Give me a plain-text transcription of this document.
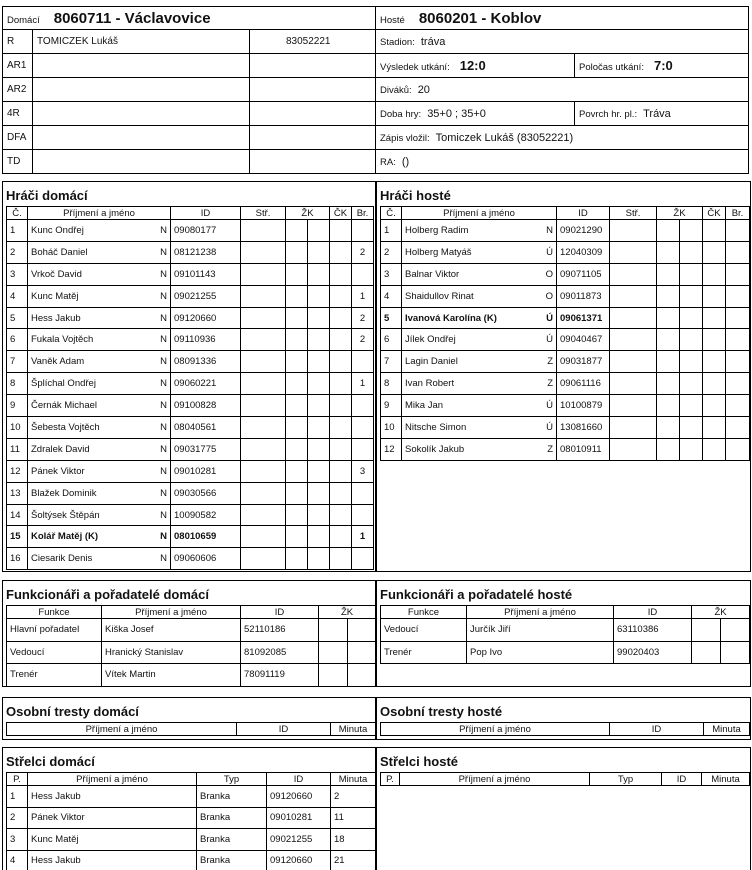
Domácí 8060711 - Václavovice			Hosté 8060201 - Koblov	
R	TOMICZEK Lukáš	83052221	Stadion: tráva	
AR1			Výsledek utkání: 12:0	Poločas utkání: 7:0
AR2			Diváků: 20	
4R			Doba hry: 35+0 ; 35+0	Povrch hr. pl.: Tráva
DFA			Zápis vložil: Tomiczek Lukáš (83052221)	
TD			RA: ()	
Hráči domácí
Č.	Příjmení a jméno	ID	Stř.	ŽK	ČK	Br.
1	Kunc Ondřej N	09080177		

2	Boháč Daniel N	08121238				2
3	Vrkoč David N	09101143		

4	Kunc Matěj N	09021255				1
5	Hess Jakub N	09120660				2
6	Fukala Vojtěch N	09110936				2
7	Vaněk Adam N	08091336		

8	Šplíchal Ondřej N	09060221				1
9	Černák Michael N	09100828		

10	Šebesta Vojtěch N	08040561		

11	Zdralek David N	09031775		

12	Pánek Viktor N	09010281				3
13	Blažek Dominik N	09030566		

14	Šoltýsek Štěpán N	10090582		

15	Kolář Matěj (K) N	08010659				1
16	Ciesarik Denis N	09060606		

Hráči hosté
Č.	Příjmení a jméno	ID	Stř.	ŽK	ČK	Br.
1	Holberg Radim N	09021290		

2	Holberg Matyáš Ú	12040309		

3	Balnar Viktor O	09071105		

4	Shaidullov Rinat O	09011873		

5	Ivanová Karolína (K) Ú	09061371		

6	Jílek Ondřej Ú	09040467		

7	Lagin Daniel Z	09031877		

8	Ivan Robert Z	09061116		

9	Mika Jan Ú	10100879		

10	Nitsche Simon Ú	13081660		

12	Sokolík Jakub Z	08010911		

Funkcionáři a pořadatelé domácí
Funkce	Příjmení a jméno	ID	ŽK	
Hlavní pořadatel	Kiška Josef	52110186		
Vedoucí	Hranický Stanislav	81092085		
Trenér	Vítek Martin	78091119		
Funkcionáři a pořadatelé hosté
Funkce	Příjmení a jméno	ID	ŽK	
Vedoucí	Jurčík Jiří	63110386		
Trenér	Pop Ivo	99020403		
Osobní tresty domácí
Příjmení a jméno	ID	Minuta
Osobní tresty hosté
Příjmení a jméno	ID	Minuta
Střelci domácí
P.	Příjmení a jméno	Typ	ID	Minuta
1	Hess Jakub	Branka	09120660	2
2	Pánek Viktor	Branka	09010281	11
3	Kunc Matěj	Branka	09021255	18
4	Hess Jakub	Branka	09120660	21
Střelci hosté
P.	Příjmení a jméno	Typ	ID	Minuta
